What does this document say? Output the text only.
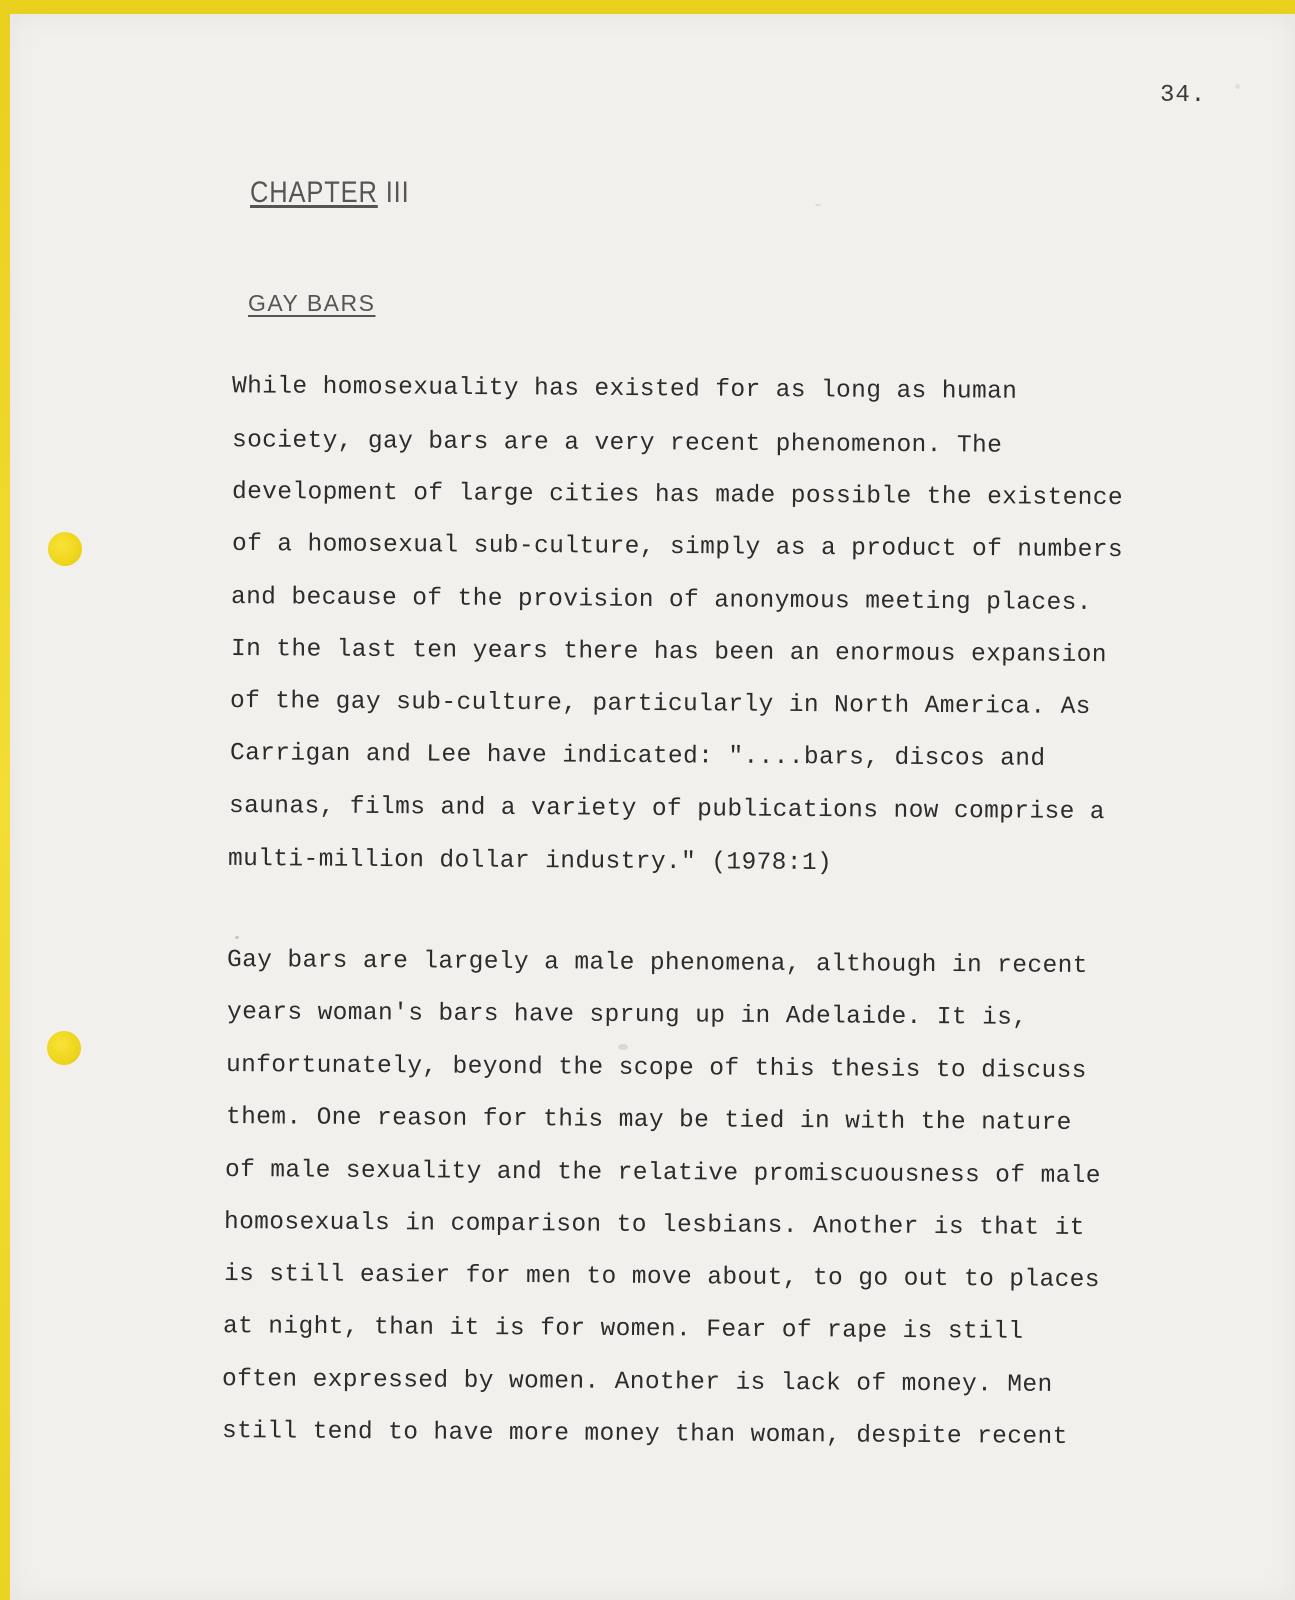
34.
CHAPTER III
GAY BARS
While homosexuality has existed for as long as human
society, gay bars are a very recent phenomenon. The
development of large cities has made possible the existence
of a homosexual sub-culture, simply as a product of numbers
and because of the provision of anonymous meeting places.
In the last ten years there has been an enormous expansion
of the gay sub-culture, particularly in North America. As
Carrigan and Lee have indicated: "....bars, discos and
saunas, films and a variety of publications now comprise a
multi-million dollar industry." (1978:1)
Gay bars are largely a male phenomena, although in recent
years woman's bars have sprung up in Adelaide. It is,
unfortunately, beyond the scope of this thesis to discuss
them. One reason for this may be tied in with the nature
of male sexuality and the relative promiscuousness of male
homosexuals in comparison to lesbians. Another is that it
is still easier for men to move about, to go out to places
at night, than it is for women. Fear of rape is still
often expressed by women. Another is lack of money. Men
still tend to have more money than woman, despite recent
